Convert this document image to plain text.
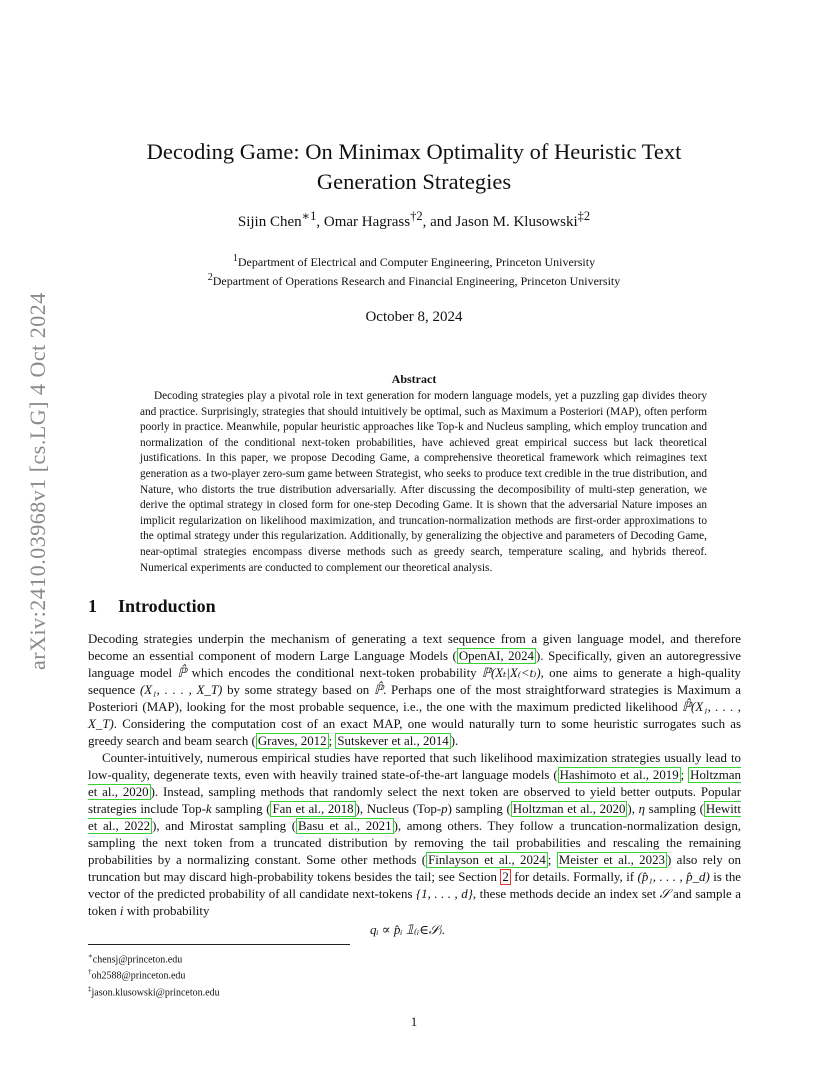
arXiv:2410.03968v1 [cs.LG] 4 Oct 2024
Decoding Game: On Minimax Optimality of Heuristic Text
Generation Strategies
Sijin Chen$^{∗1}$, Omar Hagrass$^{\dagger 2}$, and Jason M. Klusowski$^{\ddagger 2}$
$^1$Department of Electrical and Computer Engineering, Princeton University
$^2$Department of Operations Research and Financial Engineering, Princeton University
October 8, 2024
Abstract
Decoding strategies play a pivotal role in text generation for modern language models, yet a puzzling gap divides theory and practice. Surprisingly, strategies that should intuitively be optimal, such as Maximum a Posteriori (MAP), often perform poorly in practice. Meanwhile, popular heuristic approaches like Top-k and Nucleus sampling, which employ truncation and normalization of the conditional next-token probabilities, have achieved great empirical success but lack theoretical justifications. In this paper, we propose Decoding Game, a comprehensive theoretical framework which reimagines text generation as a two-player zero-sum game between Strategist, who seeks to produce text credible in the true distribution, and Nature, who distorts the true distribution adversarially. After discussing the decomposibility of multi-step generation, we derive the optimal strategy in closed form for one-step Decoding Game. It is shown that the adversarial Nature imposes an implicit regularization on likelihood maximization, and truncation-normalization methods are first-order approximations to the optimal strategy under this regularization. Additionally, by generalizing the objective and parameters of Decoding Game, near-optimal strategies encompass diverse methods such as greedy search, temperature scaling, and hybrids thereof. Numerical experiments are conducted to complement our theoretical analysis.
1 Introduction

Decoding strategies underpin the mechanism of generating a text sequence from a given language model, and therefore become an essential component of modern Large Language Models ( OpenAI, 2024 ). Specifically, given an autoregressive language model ℙ̂ which encodes the conditional next-token probability ℙ(Xₜ|X₍<t₎), one aims to generate a high-quality sequence (X₁, . . . , X_T) by some strategy based on ℙ̂. Perhaps one of the most straightforward strategies is Maximum a Posteriori (MAP), looking for the most probable sequence, i.e., the one with the maximum predicted likelihood ℙ̂(X₁, . . . , X_T). Considering the computation cost of an exact MAP, one would naturally turn to some heuristic surrogates such as greedy search and beam search ( Graves, 2012 ; Sutskever et al., 2014 ).

Counter-intuitively, numerous empirical studies have reported that such likelihood maximization strategies usually lead to low-quality, degenerate texts, even with heavily trained state-of-the-art language models ( Hashimoto et al., 2019 ; Holtzman et al., 2020 ). Instead, sampling methods that randomly select the next token are observed to yield better outputs. Popular strategies include Top-k sampling ( Fan et al., 2018 ), Nucleus (Top-p) sampling ( Holtzman et al., 2020 ), η sampling ( Hewitt et al., 2022 ), and Mirostat sampling ( Basu et al., 2021 ), among others. They follow a truncation-normalization design, sampling the next token from a truncated distribution by removing the tail probabilities and rescaling the remaining probabilities by a normalizing constant. Some other methods ( Finlayson et al., 2024 ; Meister et al., 2023 ) also rely on truncation but may discard high-probability tokens besides the tail; see Section 2 for details. Formally, if (p̂₁, . . . , p̂_d) is the vector of the predicted probability of all candidate next-tokens {1, . . . , d}, these methods decide an index set 𝒮 and sample a token i with probability

qᵢ ∝ p̂ᵢ 𝟙₍ᵢ∈𝒮₎.
∗chensj@princeton.edu
†oh2588@princeton.edu
‡jason.klusowski@princeton.edu
1
